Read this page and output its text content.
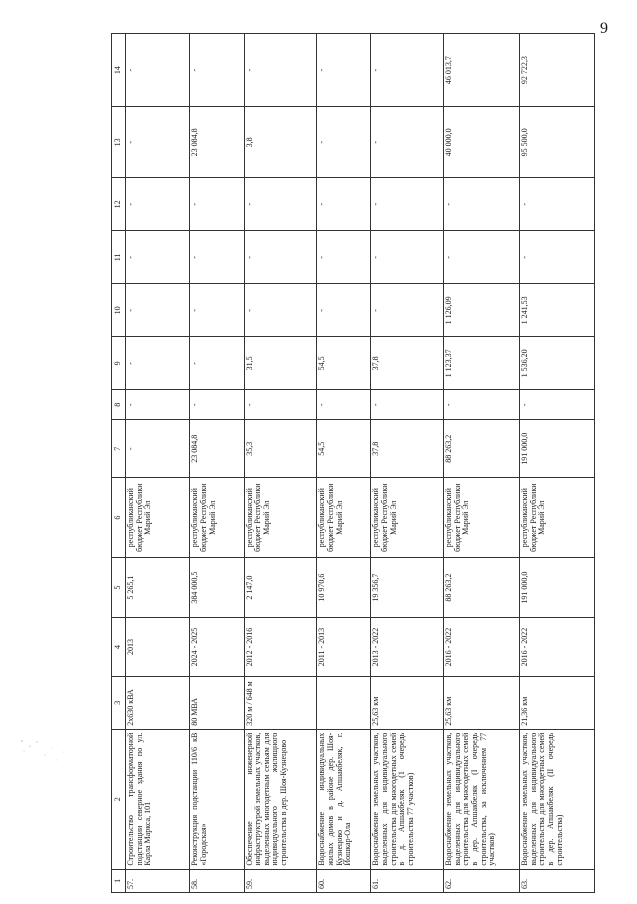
9
1	2	3	4	5	6	7	8	9	10	11	12	13	14
57.	Строительство трансформаторной подстанции северное здания по ул. Карла Маркса, 101	2х630 кВА	2013	5 265,1	республиканский бюджет Республики Марий Эл	-	-	-	-	-	-	-	-
58.	Реконструкция подстанции 110/6 кВ «Городская»	80 МВА	2024 - 2025	384 000,5	республиканский бюджет Республики Марий Эл	23 084,8	-	-	-	-	-	23 084,8	-
59.	Обеспечение инженерной инфраструктурой земельных участков, выделенных многодетным семьям для индивидуального жилищного строительства в дер. Шоя-Кузнецово	320 м / 648 м	2012 - 2016	2 147,0	республиканский бюджет Республики Марий Эл	35,3	-	31,5	-	-	-	3,8	-
60.	Водоснабжение индивидуальных жилых домов в районе дер. Шоя-Кузнецово и д. Апшакбеляк, г. Йошкар-Ола		2011 - 2013	10 970,6	республиканский бюджет Республики Марий Эл	54,5	-	54,5	-	-	-	-	-
61.	Водоснабжение земельных участков, выделенных для индивидуального строительства для многодетных семей в д. Апшакбеляк (1 очередь строительства 77 участков)	25,63 км	2013 - 2022	19 356,7	республиканский бюджет Республики Марий Эл	37,8	-	37,8	-	-	-	-	-
62.	Водоснабжение земельных участков, выделенных для индивидуального строительства для многодетных семей в дер. Апшакбеляк (I очередь строительства, за исключением 77 участков)	25,63 км	2016 - 2022	88 263,2	республиканский бюджет Республики Марий Эл	88 263,2	-	1 123,37	1 126,09	-	-	40 000,0	46 013,7
63.	Водоснабжение земельных участков, выделенных для индивидуального строительства для многодетных семей в дер. Апшакбеляк (II очередь строительства)	21,36 км	2016 - 2022	191 000,0	республиканский бюджет Республики Марий Эл	191 000,0	-	1 536,20	1 241,53	-	-	95 500,0	92 722,3
